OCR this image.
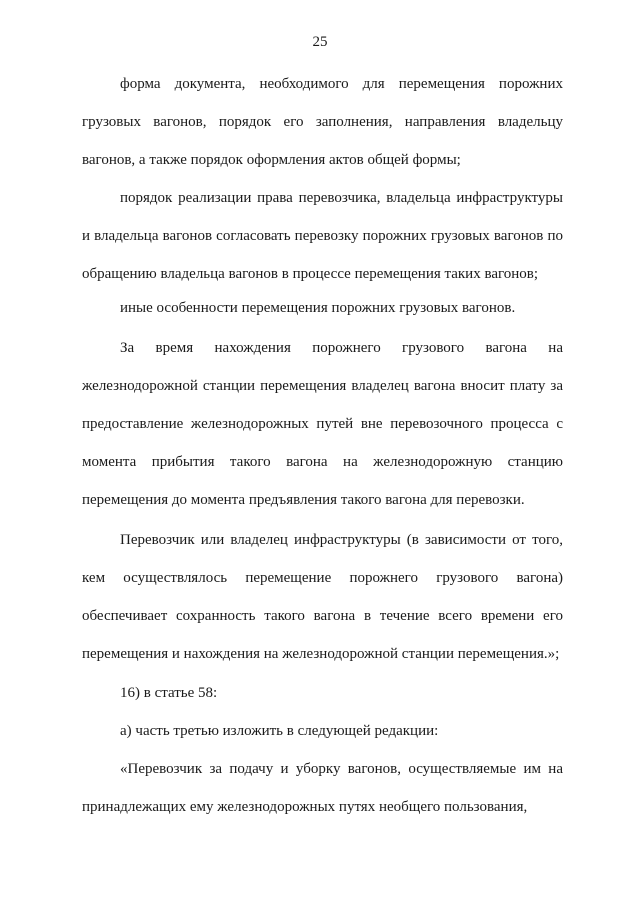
25

форма документа, необходимого для перемещения порожних грузовых вагонов, порядок его заполнения, направления владельцу вагонов, а также порядок оформления актов общей формы;

порядок реализации права перевозчика, владельца инфраструктуры и владельца вагонов согласовать перевозку порожних грузовых вагонов по обращению владельца вагонов в процессе перемещения таких вагонов;

иные особенности перемещения порожних грузовых вагонов.

За время нахождения порожнего грузового вагона на железнодорожной станции перемещения владелец вагона вносит плату за предоставление железнодорожных путей вне перевозочного процесса с момента прибытия такого вагона на железнодорожную станцию перемещения до момента предъявления такого вагона для перевозки.

Перевозчик или владелец инфраструктуры (в зависимости от того, кем осуществлялось перемещение порожнего грузового вагона) обеспечивает сохранность такого вагона в течение всего времени его перемещения и нахождения на железнодорожной станции перемещения.»;

16) в статье 58:

а) часть третью изложить в следующей редакции:

«Перевозчик за подачу и уборку вагонов, осуществляемые им на принадлежащих ему железнодорожных путях необщего пользования,
